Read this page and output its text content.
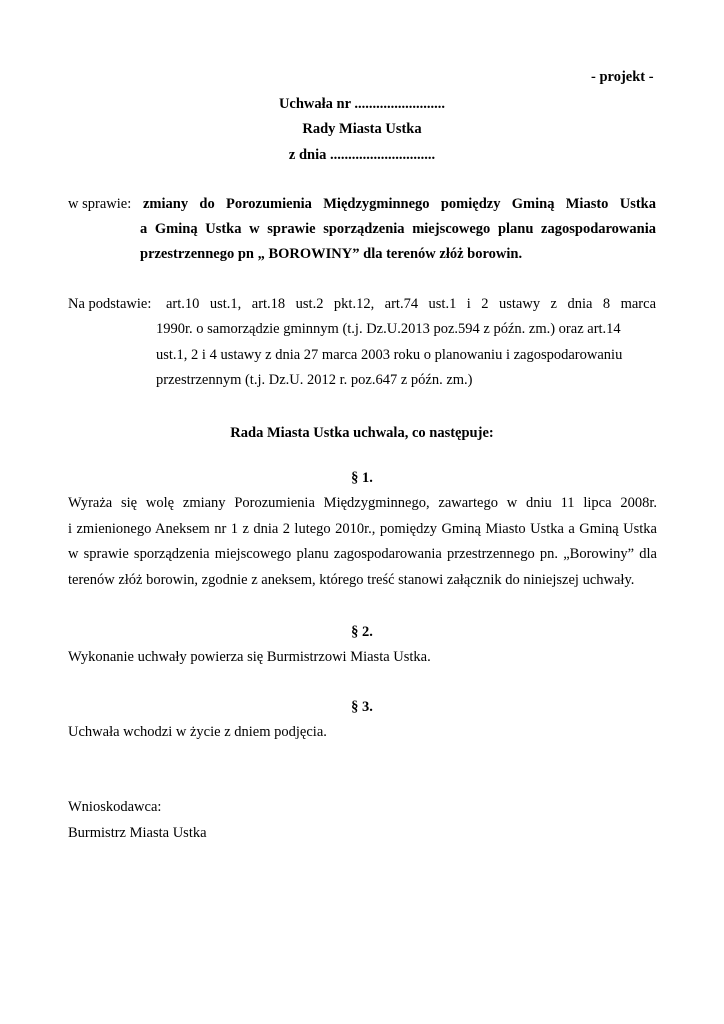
- projekt -
Uchwała nr .........................
Rady Miasta Ustka
z dnia .............................
w sprawie: zmiany do Porozumienia Międzygminnego pomiędzy Gminą Miasto Ustka
a Gminą Ustka w sprawie sporządzenia miejscowego planu zagospodarowania
przestrzennego pn „ BOROWINY” dla terenów złóż borowin.
Na podstawie: art.10 ust.1, art.18 ust.2 pkt.12, art.74 ust.1 i 2 ustawy z dnia 8 marca
1990r. o samorządzie gminnym (t.j. Dz.U.2013 poz.594 z późn. zm.) oraz art.14
ust.1, 2 i 4 ustawy z dnia 27 marca 2003 roku o planowaniu i zagospodarowaniu
przestrzennym (t.j. Dz.U. 2012 r. poz.647 z późn. zm.)
Rada Miasta Ustka uchwala, co następuje:
§ 1.
Wyraża się wolę zmiany Porozumienia Międzygminnego, zawartego w dniu 11 lipca 2008r.
i zmienionego Aneksem nr 1 z dnia 2 lutego 2010r., pomiędzy Gminą Miasto Ustka a Gminą Ustka
w sprawie sporządzenia miejscowego planu zagospodarowania przestrzennego pn. „Borowiny” dla
terenów złóż borowin, zgodnie z aneksem, którego treść stanowi załącznik do niniejszej uchwały.
§ 2.
Wykonanie uchwały powierza się Burmistrzowi Miasta Ustka.
§ 3.
Uchwała wchodzi w życie z dniem podjęcia.
Wnioskodawca:
Burmistrz Miasta Ustka
